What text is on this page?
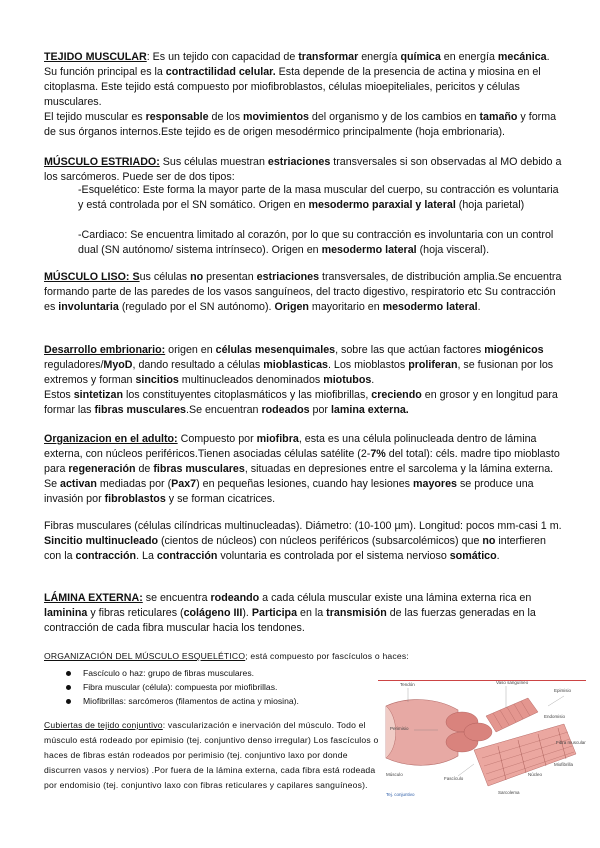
TEJIDO MUSCULAR: Es un tejido con capacidad de transformar energía química en energía mecánica. Su función principal es la contractilidad celular. Esta depende de la presencia de actina y miosina en el citoplasma. Este tejido está compuesto por miofibroblastos, células mioepiteliales, pericitos y células musculares.
El tejido muscular es responsable de los movimientos del organismo y de los cambios en tamaño y forma de sus órganos internos.Este tejido es de origen mesodérmico principalmente (hoja embrionaria).

MÚSCULO ESTRIADO: Sus células muestran estriaciones transversales si son observadas al MO debido a los sarcómeros. Puede ser de dos tipos:

-Esquelético: Este forma la mayor parte de la masa muscular del cuerpo, su contracción es voluntaria y está controlada por el SN somático. Origen en mesodermo paraxial y lateral (hoja parietal)

-Cardiaco: Se encuentra limitado al corazón, por lo que su contracción es involuntaria con un control dual (SN autónomo/ sistema intrínseco). Origen en mesodermo lateral (hoja visceral).

MÚSCULO LISO: Sus células no presentan estriaciones transversales, de distribución amplia.Se encuentra formando parte de las paredes de los vasos sanguíneos, del tracto digestivo, respiratorio etc Su contracción es involuntaria (regulado por el SN autónomo). Origen mayoritario en mesodermo lateral.

Desarrollo embrionario: origen en células mesenquimales, sobre las que actúan factores miogénicos reguladores/MyoD, dando resultado a células mioblasticas. Los mioblastos proliferan, se fusionan por los extremos y forman sincitios multinucleados denominados miotubos.
Estos sintetizan los constituyentes citoplasmáticos y las miofibrillas, creciendo en grosor y en longitud para formar las fibras musculares.Se encuentran rodeados por lamina externa.

Organizacion en el adulto: Compuesto por miofibra, esta es una célula polinucleada dentro de lámina externa, con núcleos periféricos.Tienen asociadas células satélite (2-7% del total): céls. madre tipo mioblasto para regeneración de fibras musculares, situadas en depresiones entre el sarcolema y la lámina externa. Se activan mediadas por (Pax7) en pequeñas lesiones, cuando hay lesiones mayores se produce una invasión por fibroblastos y se forman cicatrices.

Fibras musculares (células cilíndricas multinucleadas). Diámetro: (10-100 µm). Longitud: pocos mm-casi 1 m. Sincitio multinucleado (cientos de núcleos) con núcleos periféricos (subsarcolémicos) que no interfieren con la contracción. La contracción voluntaria es controlada por el sistema nervioso somático.

LÁMINA EXTERNA: se encuentra rodeando a cada célula muscular existe una lámina externa rica en laminina y fibras reticulares (colágeno III). Participa en la transmisión de las fuerzas generadas en la contracción de cada fibra muscular hacia los tendones.

ORGANIZACIÓN DEL MÚSCULO ESQUELÉTICO; está compuesto por fascículos o haces:

Fascículo o haz: grupo de fibras musculares.
Fibra muscular (célula): compuesta por miofibrillas.
Miofibrillas: sarcómeros (filamentos de actina y miosina).

Cubiertas de tejido conjuntivo: vascularización e inervación del músculo. Todo el músculo está rodeado por epimisio (tej. conjuntivo denso irregular) Los fascículos o haces de fibras están rodeados por perimisio (tej. conjuntivo laxo por donde discurren vasos y nervios) .Por fuera de la lámina externa, cada fibra está rodeada por endomisio (tej. conjuntivo laxo con fibras reticulares y capilares sanguíneos).

Tendón	Vaso sanguíneo
Epimisio
Perimisio
Endomisio
Fascículo
Fibra muscular
Miofibrilla
Músculo	Núcleo
Sarcolema
Tej. conjuntivo
